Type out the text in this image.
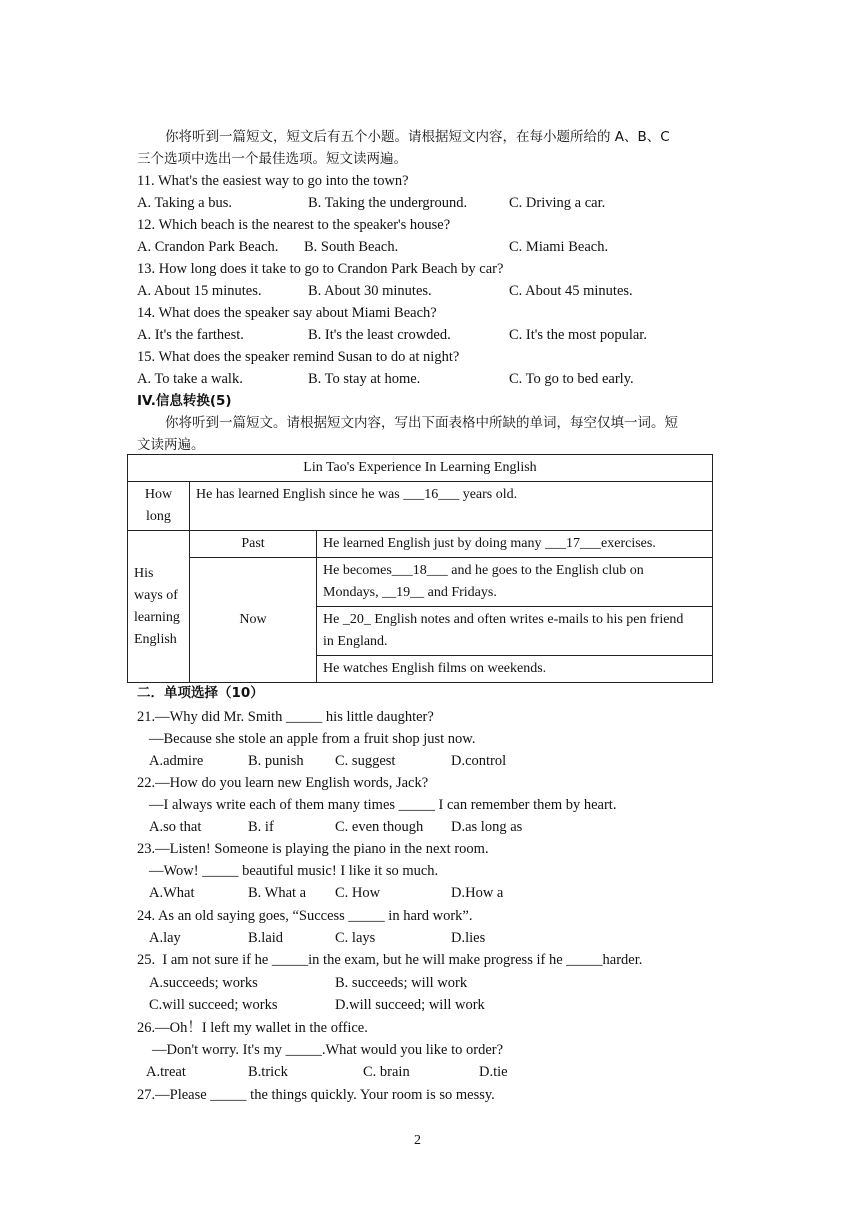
你将听到一篇短文，短文后有五个小题。请根据短文内容，在每小题所给的 A、B、C
三个选项中选出一个最佳选项。短文读两遍。
11. What's the easiest way to go into the town?
A. Taking a bus.	B. Taking the underground.	C. Driving a car.
12. Which beach is the nearest to the speaker's house?
A. Crandon Park Beach. B. South Beach.	C. Miami Beach.
13. How long does it take to go to Crandon Park Beach by car?
A. About 15 minutes.	B. About 30 minutes.	C. About 45 minutes.
14. What does the speaker say about Miami Beach?
A. It's the farthest.	B. It's the least crowded.	C. It's the most popular.
15. What does the speaker remind Susan to do at night?
A. To take a walk.	B. To stay at home.	C. To go to bed early.
IV.信息转换(5)
你将听到一篇短文。请根据短文内容，写出下面表格中所缺的单词，每空仅填一词。短
文读两遍。
Lin Tao's Experience In Learning English		

How
long	He has learned English since he was ___16___ years old.	

His
ways of
learning
English	Past	He learned English just by doing many ___17___exercises.
	Now	He becomes___18___ and he goes to the English club on
Mondays, __19__ and Fridays.

		He _20_ English notes and often writes e-mails to his pen friend
in England.

		He watches English films on weekends.
二．单项选择（10）
21.—Why did Mr. Smith _____ his little daughter?
—Because she stole an apple from a fruit shop just now.
A.admire	B. punish C. suggest	D.control
22.—How do you learn new English words, Jack?
—I always write each of them many times _____ I can remember them by heart.
A.so that	B. if	C. even though D.as long as
23.—Listen! Someone is playing the piano in the next room.
—Wow! _____ beautiful music! I like it so much.
A.What	B. What a C. How	D.How a
24. As an old saying goes, “Success _____ in hard work”.
A.lay	B.laid	C. lays	D.lies
25.  I am not sure if he _____in the exam, but he will make progress if he _____harder.
A.succeeds; works	B. succeeds; will work
C.will succeed; works	D.will succeed; will work
26.—Oh！I left my wallet in the office.
—Don't worry. It's my _____.What would you like to order?
A.treat	B.trick	C. brain	D.tie
27.—Please _____ the things quickly. Your room is so messy.
2
